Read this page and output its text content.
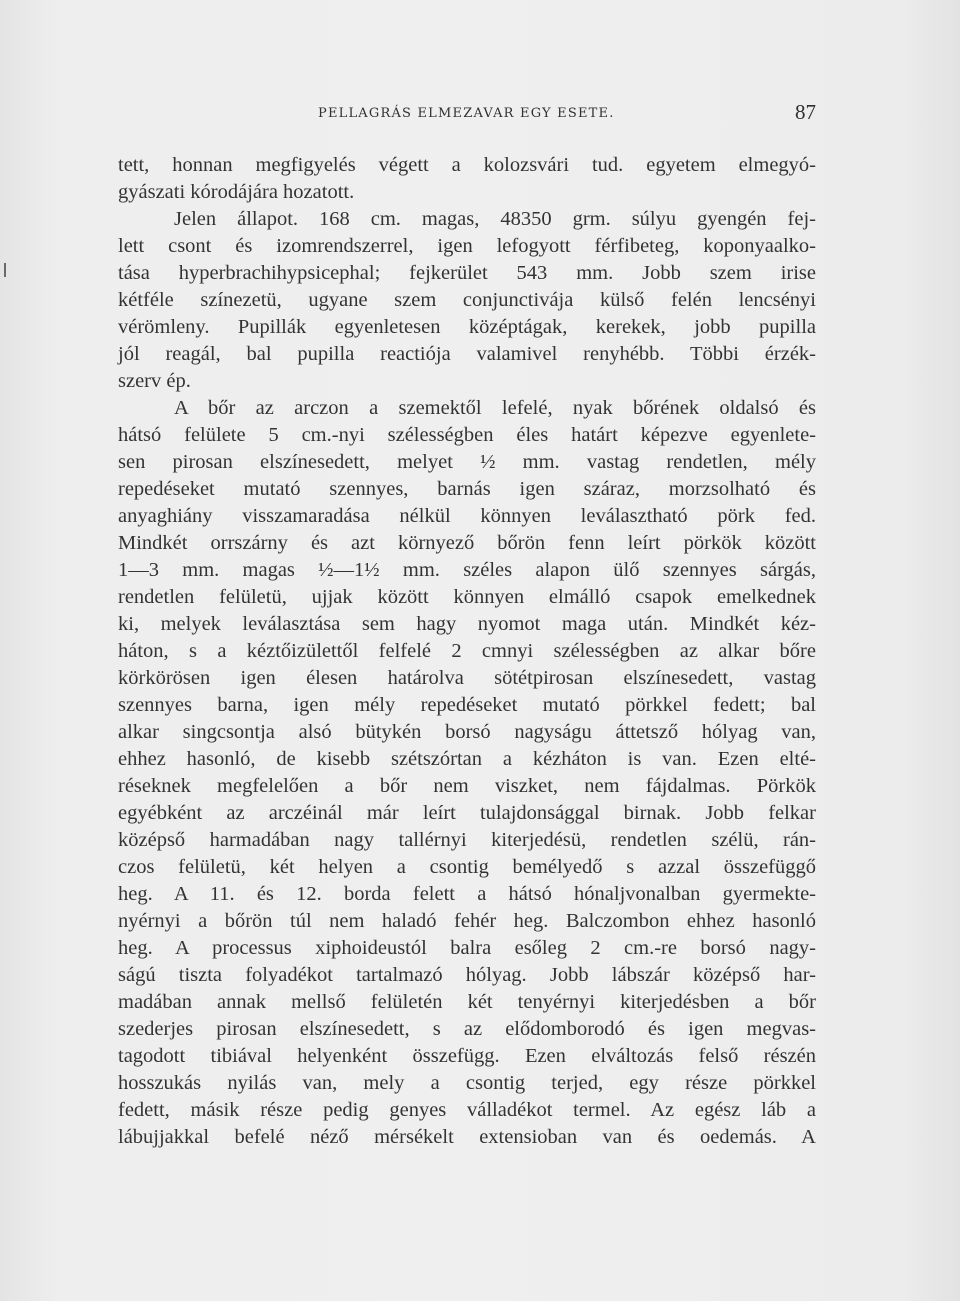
PELLAGRÁS ELMEZAVAR EGY ESETE.	87
tett, honnan megfigyelés végett a kolozsvári tud. egyetem elmegyó-
gyászati kórodájára hozatott.
Jelen állapot. 168 cm. magas, 48350 grm. súlyu gyengén fej-
lett csont és izomrendszerrel, igen lefogyott férfibeteg, koponyaalko-
tása hyperbrachihypsicephal; fejkerület 543 mm. Jobb szem irise
kétféle színezetü, ugyane szem conjunctivája külső felén lencsényi
vérömleny. Pupillák egyenletesen középtágak, kerekek, jobb pupilla
jól reagál, bal pupilla reactiója valamivel renyhébb. Többi érzék-
szerv ép.
A bőr az arczon a szemektől lefelé, nyak bőrének oldalsó és
hátsó felülete 5 cm.-nyi szélességben éles határt képezve egyenlete-
sen pirosan elszínesedett, melyet ½ mm. vastag rendetlen, mély
repedéseket mutató szennyes, barnás igen száraz, morzsolható és
anyaghiány visszamaradása nélkül könnyen leválasztható pörk fed.
Mindkét orrszárny és azt környező bőrön fenn leírt pörkök között
1—3 mm. magas ½—1½ mm. széles alapon ülő szennyes sárgás,
rendetlen felületü, ujjak között könnyen elmálló csapok emelkednek
ki, melyek leválasztása sem hagy nyomot maga után. Mindkét kéz-
háton, s a kéztőizülettől felfelé 2 cmnyi szélességben az alkar bőre
körkörösen igen élesen határolva sötétpirosan elszínesedett, vastag
szennyes barna, igen mély repedéseket mutató pörkkel fedett; bal
alkar singcsontja alsó bütykén borsó nagyságu áttetsző hólyag van,
ehhez hasonló, de kisebb szétszórtan a kézháton is van. Ezen elté-
réseknek megfelelően a bőr nem viszket, nem fájdalmas. Pörkök
egyébként az arczéinál már leírt tulajdonsággal birnak. Jobb felkar
középső harmadában nagy tallérnyi kiterjedésü, rendetlen szélü, rán-
czos felületü, két helyen a csontig bemélyedő s azzal összefüggő
heg. A 11. és 12. borda felett a hátsó hónaljvonalban gyermekte-
nyérnyi a bőrön túl nem haladó fehér heg. Balczombon ehhez hasonló
heg. A processus xiphoideustól balra esőleg 2 cm.-re borsó nagy-
ságú tiszta folyadékot tartalmazó hólyag. Jobb lábszár középső har-
madában annak mellső felületén két tenyérnyi kiterjedésben a bőr
szederjes pirosan elszínesedett, s az elődomborodó és igen megvas-
tagodott tibiával helyenként összefügg. Ezen elváltozás felső részén
hosszukás nyilás van, mely a csontig terjed, egy része pörkkel
fedett, másik része pedig genyes válladékot termel. Az egész láb a
lábujjakkal befelé néző mérsékelt extensioban van és oedemás. A
